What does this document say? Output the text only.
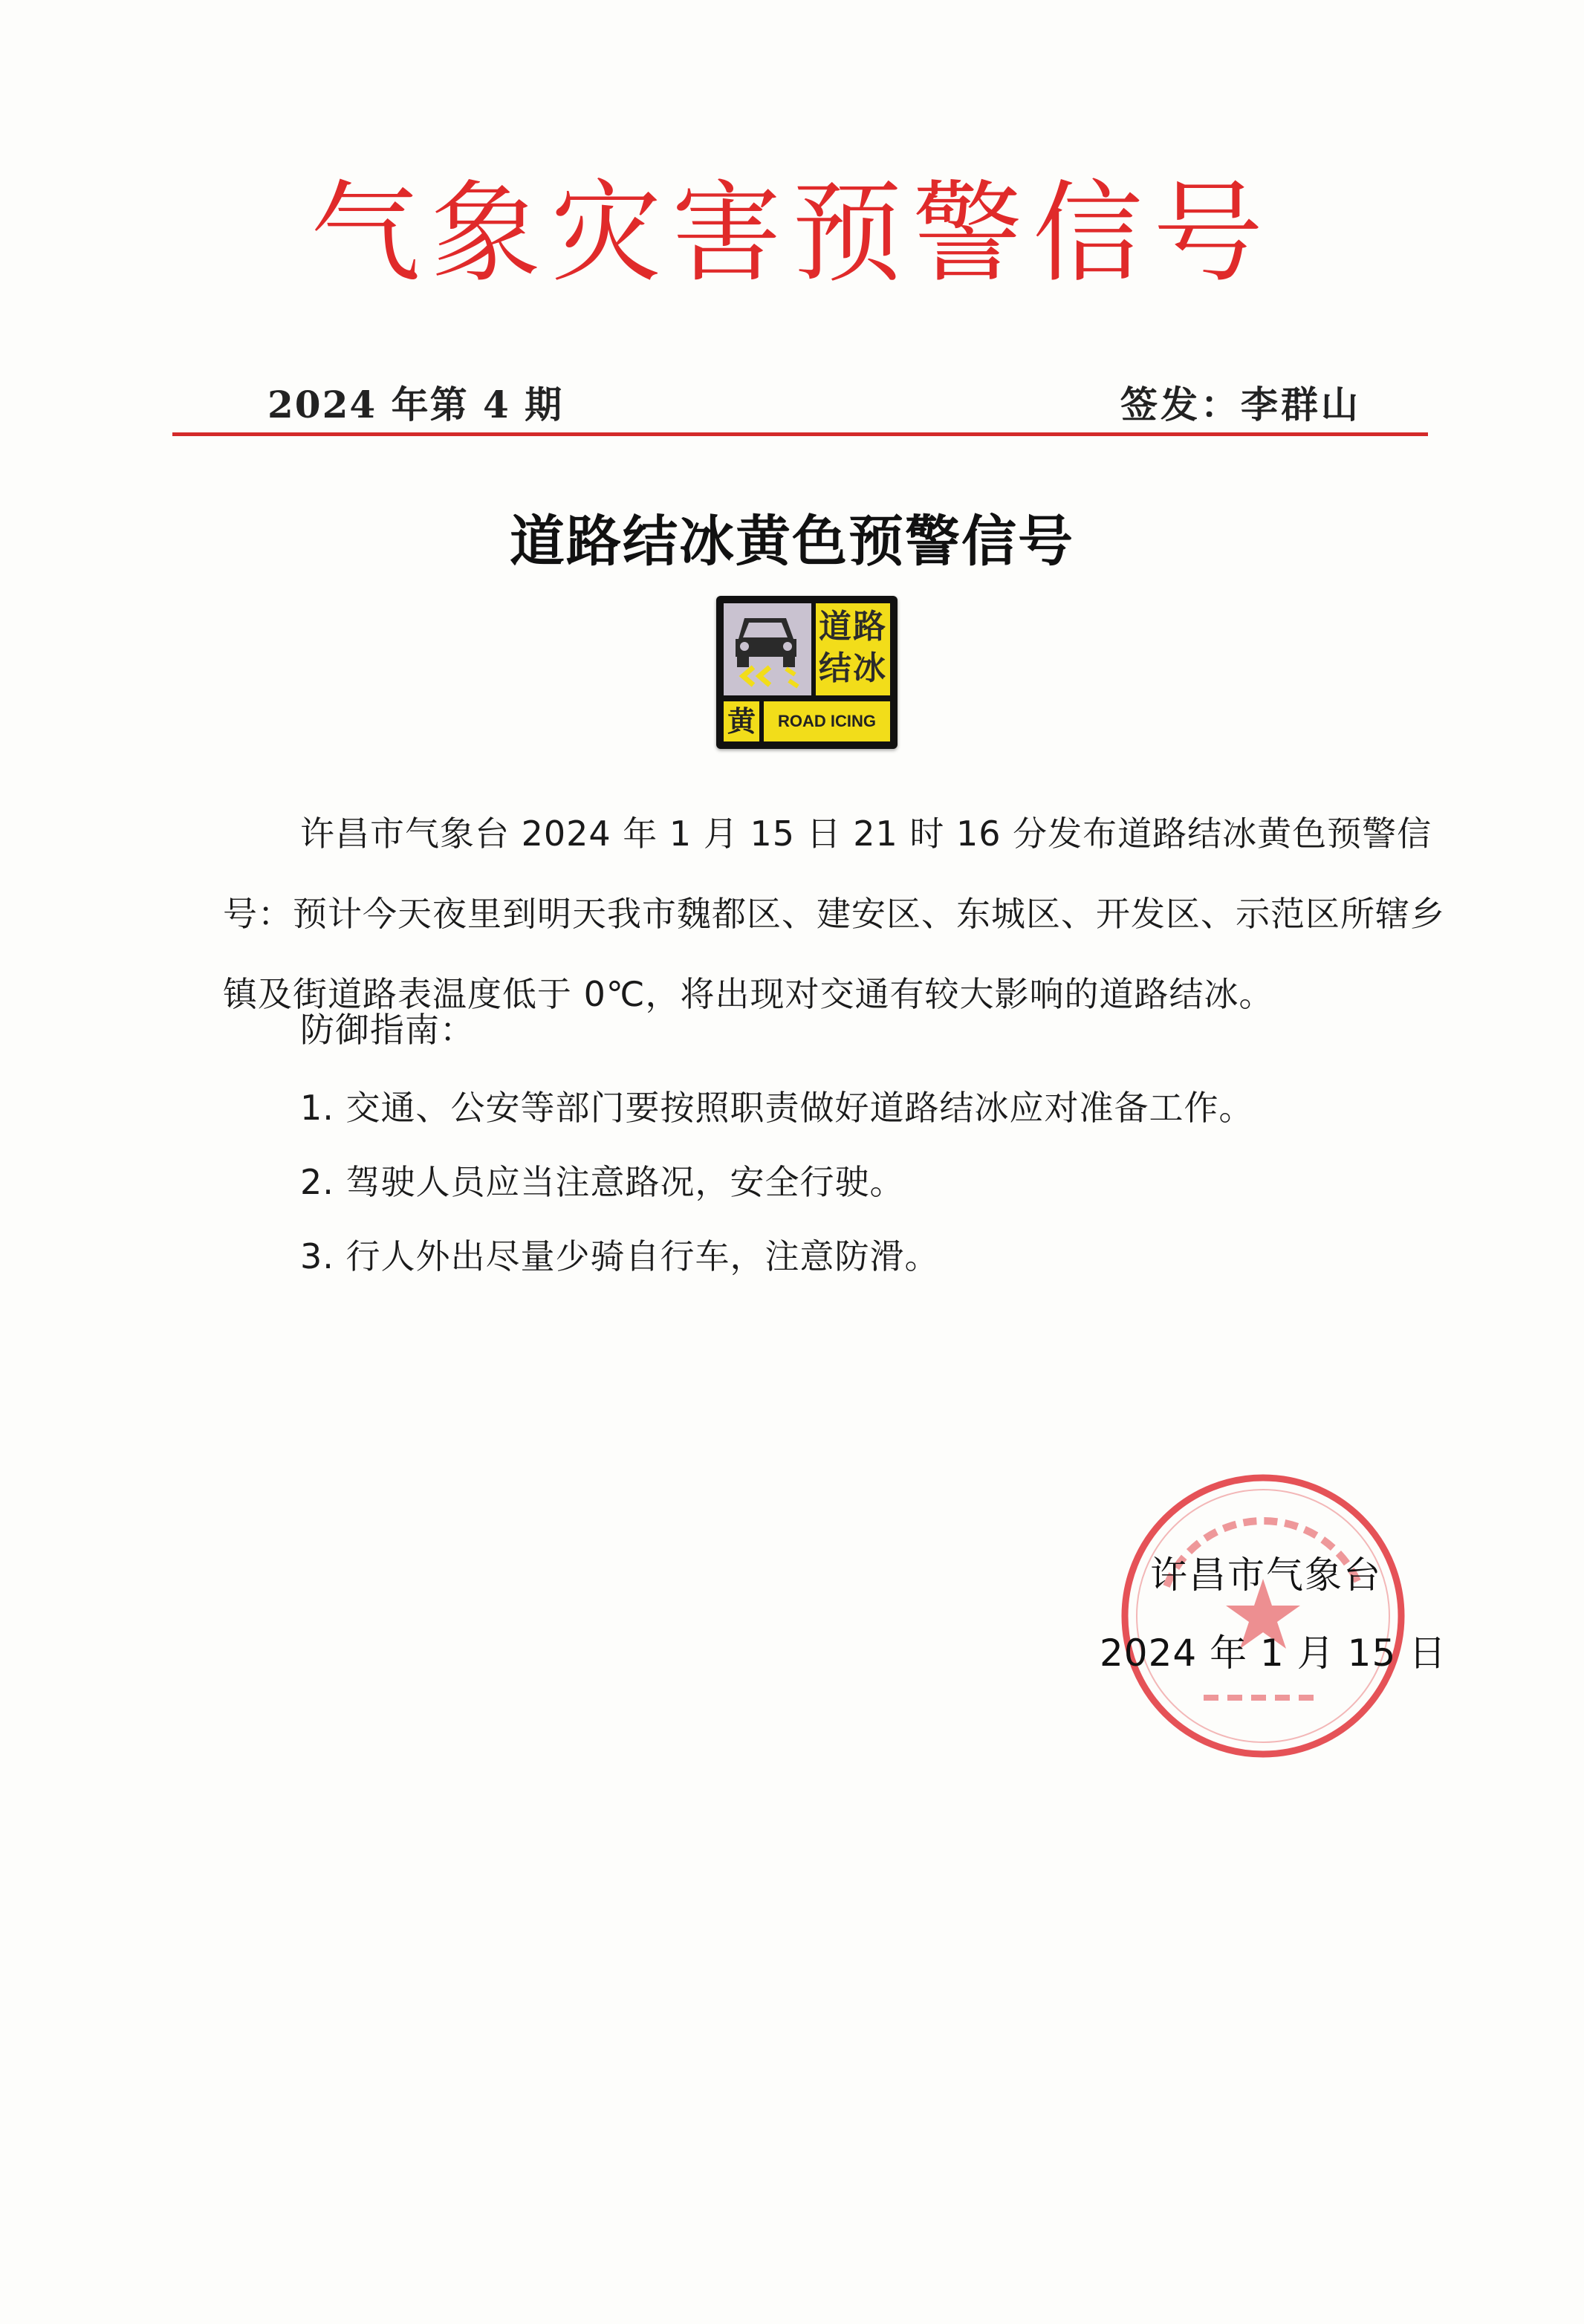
气象灾害预警信号
2024 年第 4 期	签发：李群山
道路结冰黄色预警信号
道路结冰
黄	ROAD ICING
许昌市气象台 2024 年 1 月 15 日 21 时 16 分发布道路结冰黄色预警信号：预计今天夜里到明天我市魏都区、建安区、东城区、开发区、示范区所辖乡镇及街道路表温度低于 0℃，将出现对交通有较大影响的道路结冰。
防御指南：
1. 交通、公安等部门要按照职责做好道路结冰应对准备工作。
2. 驾驶人员应当注意路况，安全行驶。
3. 行人外出尽量少骑自行车，注意防滑。
许昌市气象台
2024 年 1 月 15 日
